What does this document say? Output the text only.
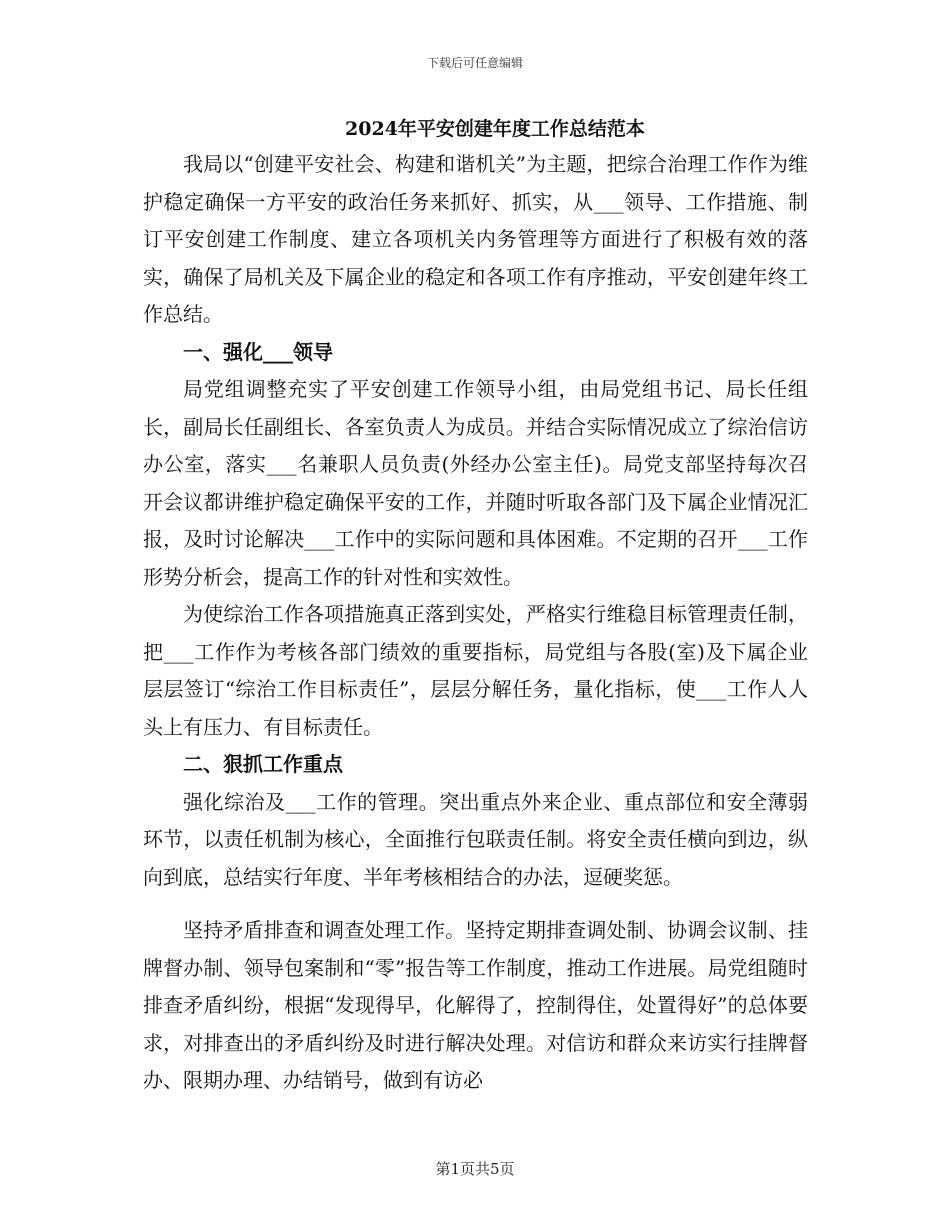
下载后可任意编辑
2024年平安创建年度工作总结范本

我局以“创建平安社会、构建和谐机关”为主题，把综合治理工作作为维护稳定确保一方平安的政治任务来抓好、抓实，从___领导、工作措施、制订平安创建工作制度、建立各项机关内务管理等方面进行了积极有效的落实，确保了局机关及下属企业的稳定和各项工作有序推动，平安创建年终工作总结。

一、强化___领导

局党组调整充实了平安创建工作领导小组，由局党组书记、局长任组长，副局长任副组长、各室负责人为成员。并结合实际情况成立了综治信访办公室，落实___名兼职人员负责(外经办公室主任)。局党支部坚持每次召开会议都讲维护稳定确保平安的工作，并随时听取各部门及下属企业情况汇报，及时讨论解决___工作中的实际问题和具体困难。不定期的召开___工作形势分析会，提高工作的针对性和实效性。

为使综治工作各项措施真正落到实处，严格实行维稳目标管理责任制，把___工作作为考核各部门绩效的重要指标，局党组与各股(室)及下属企业层层签订“综治工作目标责任”，层层分解任务，量化指标，使___工作人人头上有压力、有目标责任。

二、狠抓工作重点

强化综治及___工作的管理。突出重点外来企业、重点部位和安全薄弱环节，以责任机制为核心，全面推行包联责任制。将安全责任横向到边，纵向到底，总结实行年度、半年考核相结合的办法，逗硬奖惩。

坚持矛盾排查和调查处理工作。坚持定期排查调处制、协调会议制、挂牌督办制、领导包案制和“零”报告等工作制度，推动工作进展。局党组随时排查矛盾纠纷，根据“发现得早，化解得了，控制得住，处置得好”的总体要求，对排查出的矛盾纠纷及时进行解决处理。对信访和群众来访实行挂牌督办、限期办理、办结销号，做到有访必

第1页共5页
